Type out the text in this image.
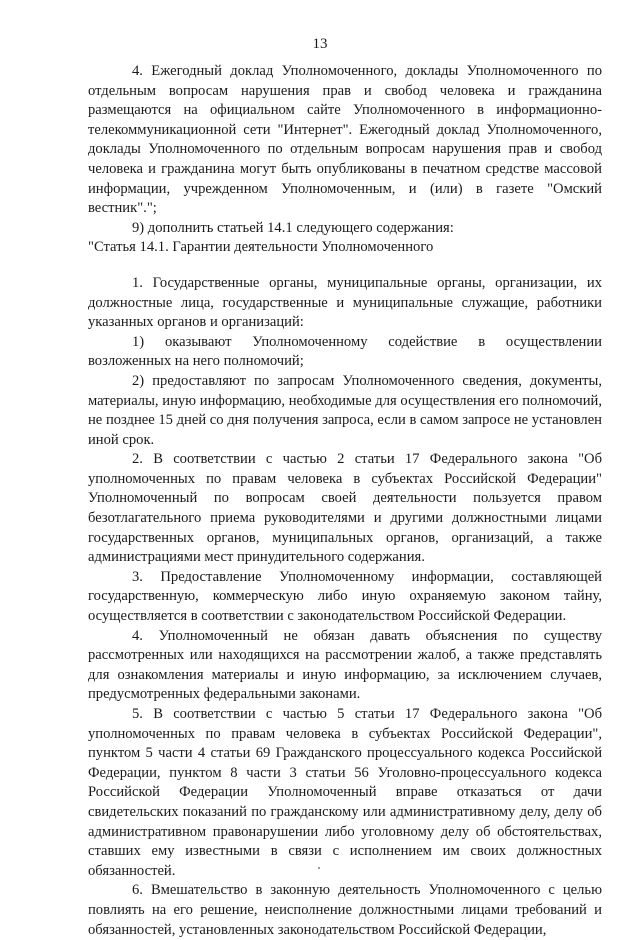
13

4. Ежегодный доклад Уполномоченного, доклады Уполномоченного по отдельным вопросам нарушения прав и свобод человека и гражданина размещаются на официальном сайте Уполномоченного в информационно-телекоммуникационной сети "Интернет". Ежегодный доклад Уполномоченного, доклады Уполномоченного по отдельным вопросам нарушения прав и свобод человека и гражданина могут быть опубликованы в печатном средстве массовой информации, учрежденном Уполномоченным, и (или) в газете "Омский вестник".";

9) дополнить статьей 14.1 следующего содержания:

"Статья 14.1. Гарантии деятельности Уполномоченного

1. Государственные органы, муниципальные органы, организации, их должностные лица, государственные и муниципальные служащие, работники указанных органов и организаций:

1) оказывают Уполномоченному содействие в осуществлении возложенных на него полномочий;

2) предоставляют по запросам Уполномоченного сведения, документы, материалы, иную информацию, необходимые для осуществления его полномочий, не позднее 15 дней со дня получения запроса, если в самом запросе не установлен иной срок.

2. В соответствии с частью 2 статьи 17 Федерального закона "Об уполномоченных по правам человека в субъектах Российской Федерации" Уполномоченный по вопросам своей деятельности пользуется правом безотлагательного приема руководителями и другими должностными лицами государственных органов, муниципальных органов, организаций, а также администрациями мест принудительного содержания.

3. Предоставление Уполномоченному информации, составляющей государственную, коммерческую либо иную охраняемую законом тайну, осуществляется в соответствии с законодательством Российской Федерации.

4. Уполномоченный не обязан давать объяснения по существу рассмотренных или находящихся на рассмотрении жалоб, а также представлять для ознакомления материалы и иную информацию, за исключением случаев, предусмотренных федеральными законами.

5. В соответствии с частью 5 статьи 17 Федерального закона "Об уполномоченных по правам человека в субъектах Российской Федерации", пунктом 5 части 4 статьи 69 Гражданского процессуального кодекса Российской Федерации, пунктом 8 части 3 статьи 56 Уголовно-процессуального кодекса Российской Федерации Уполномоченный вправе отказаться от дачи свидетельских показаний по гражданскому или административному делу, делу об административном правонарушении либо уголовному делу об обстоятельствах, ставших ему известными в связи с исполнением им своих должностных обязанностей.

6. Вмешательство в законную деятельность Уполномоченного с целью повлиять на его решение, неисполнение должностными лицами требований и обязанностей, установленных законодательством Российской Федерации,
